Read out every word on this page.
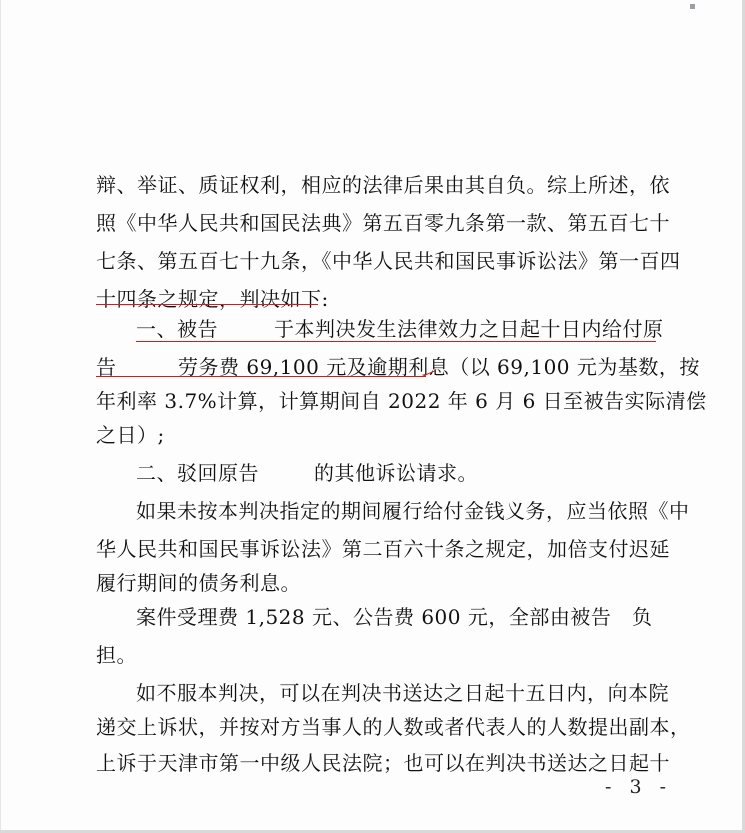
辩、举证、质证权利，相应的法律后果由其自负。综上所述，依
照《中华人民共和国民法典》第五百零九条第一款、第五百七十
七条、第五百七十九条，《中华人民共和国民事诉讼法》第一百四
十四条之规定，判决如下:
一、被告	于本判决发生法律效力之日起十日内给付原
告	劳务费 69,100 元及逾期利息（以 69,100 元为基数，按
年利率 3.7%计算，计算期间自 2022 年 6 月 6 日至被告实际清偿
之日）;
二、驳回原告	的其他诉讼请求。
如果未按本判决指定的期间履行给付金钱义务，应当依照《中
华人民共和国民事诉讼法》第二百六十条之规定，加倍支付迟延
履行期间的债务利息。
案件受理费 1,528 元、公告费 600 元，全部由被告 负
担。
如不服本判决，可以在判决书送达之日起十五日内，向本院
递交上诉状，并按对方当事人的人数或者代表人的人数提出副本，
上诉于天津市第一中级人民法院；也可以在判决书送达之日起十
- 3 -
